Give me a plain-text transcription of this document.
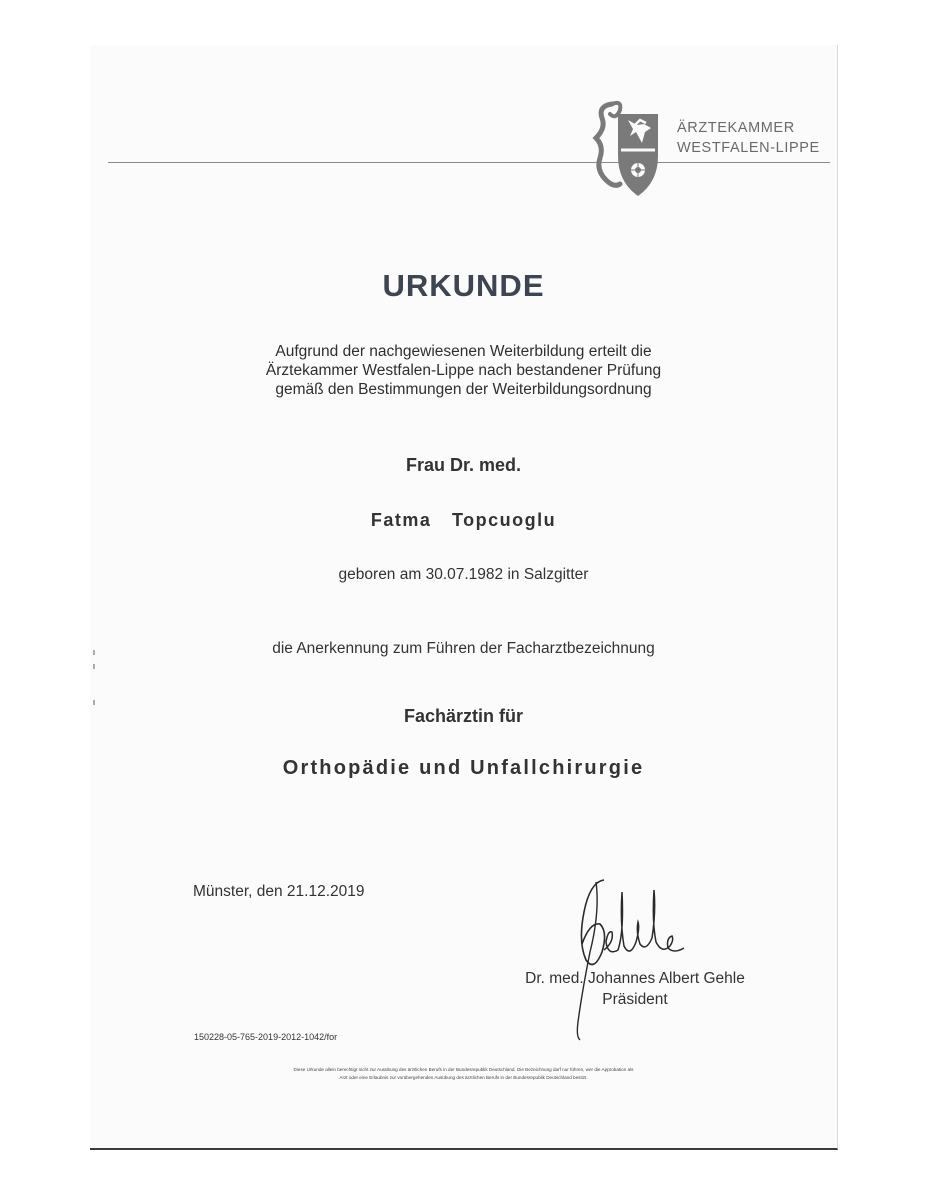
ÄRZTEKAMMER
WESTFALEN-LIPPE
URKUNDE
Aufgrund der nachgewiesenen Weiterbildung erteilt die
Ärztekammer Westfalen-Lippe nach bestandener Prüfung
gemäß den Bestimmungen der Weiterbildungsordnung
Frau Dr. med.
Fatma Topcuoglu
geboren am 30.07.1982 in Salzgitter
die Anerkennung zum Führen der Facharztbezeichnung
Fachärztin für
Orthopädie und Unfallchirurgie
Münster, den 21.12.2019
Dr. med. Johannes Albert Gehle
Präsident
150228-05-765-2019-2012-1042/for
Diese Urkunde allein berechtigt nicht zur Ausübung des ärztlichen Berufs in der Bundesrepublik Deutschland. Die Bezeichnung darf nur führen, wer die Approbation als
Arzt oder eine Erlaubnis zur vorübergehenden Ausübung des ärztlichen Berufs in der Bundesrepublik Deutschland besitzt.
